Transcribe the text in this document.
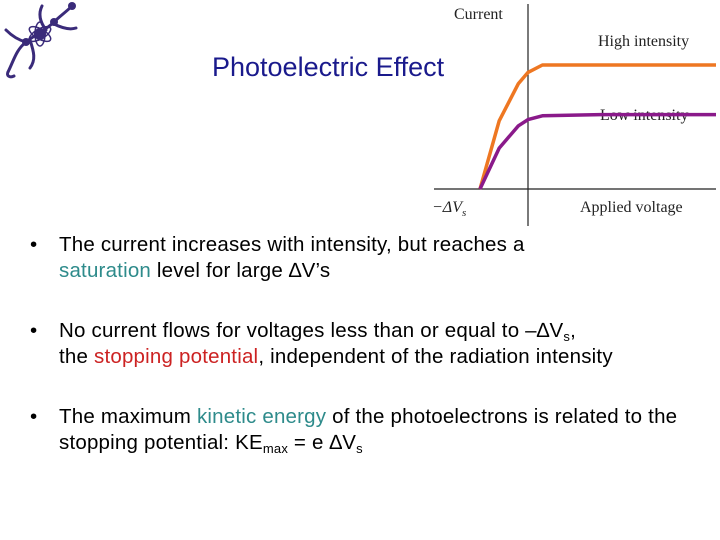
Photoelectric Effect
Current
High intensity
Low intensity
Applied voltage
$-\Delta V_s$
• The current increases with intensity, but reaches a
saturation level for large ∆V’s
• No current flows for voltages less than or equal to $-\Delta V_s$,
the stopping potential, independent of the radiation intensity
• The maximum kinetic energy of the photoelectrons is related to the stopping potential: $KE_{max} = e$ $\Delta V_s$
